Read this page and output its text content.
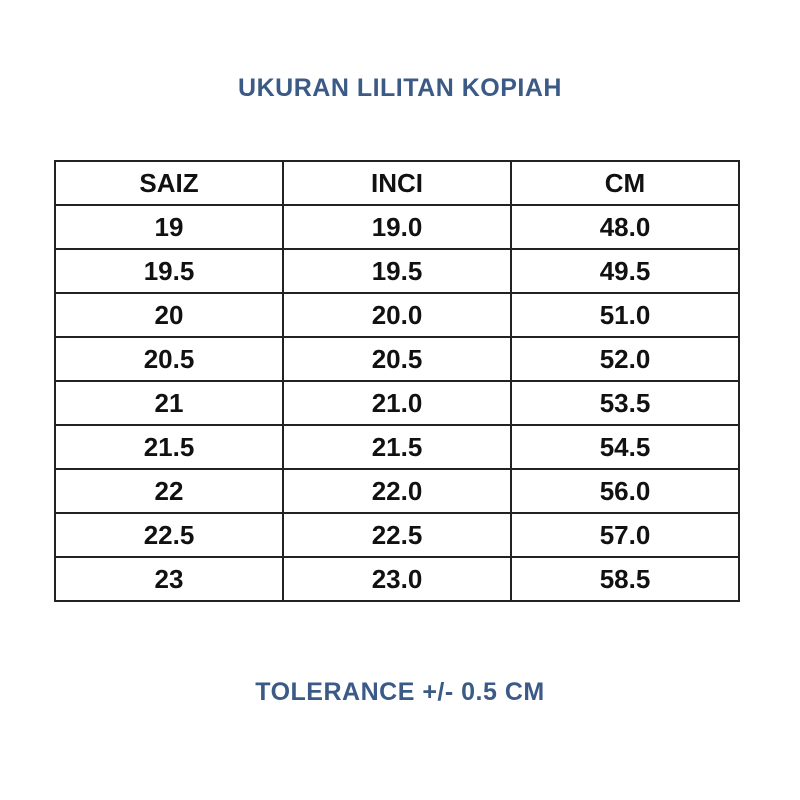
UKURAN LILITAN KOPIAH
SAIZ	INCI	CM
19	19.0	48.0
19.5	19.5	49.5
20	20.0	51.0
20.5	20.5	52.0
21	21.0	53.5
21.5	21.5	54.5
22	22.0	56.0
22.5	22.5	57.0
23	23.0	58.5
TOLERANCE +/- 0.5 CM
